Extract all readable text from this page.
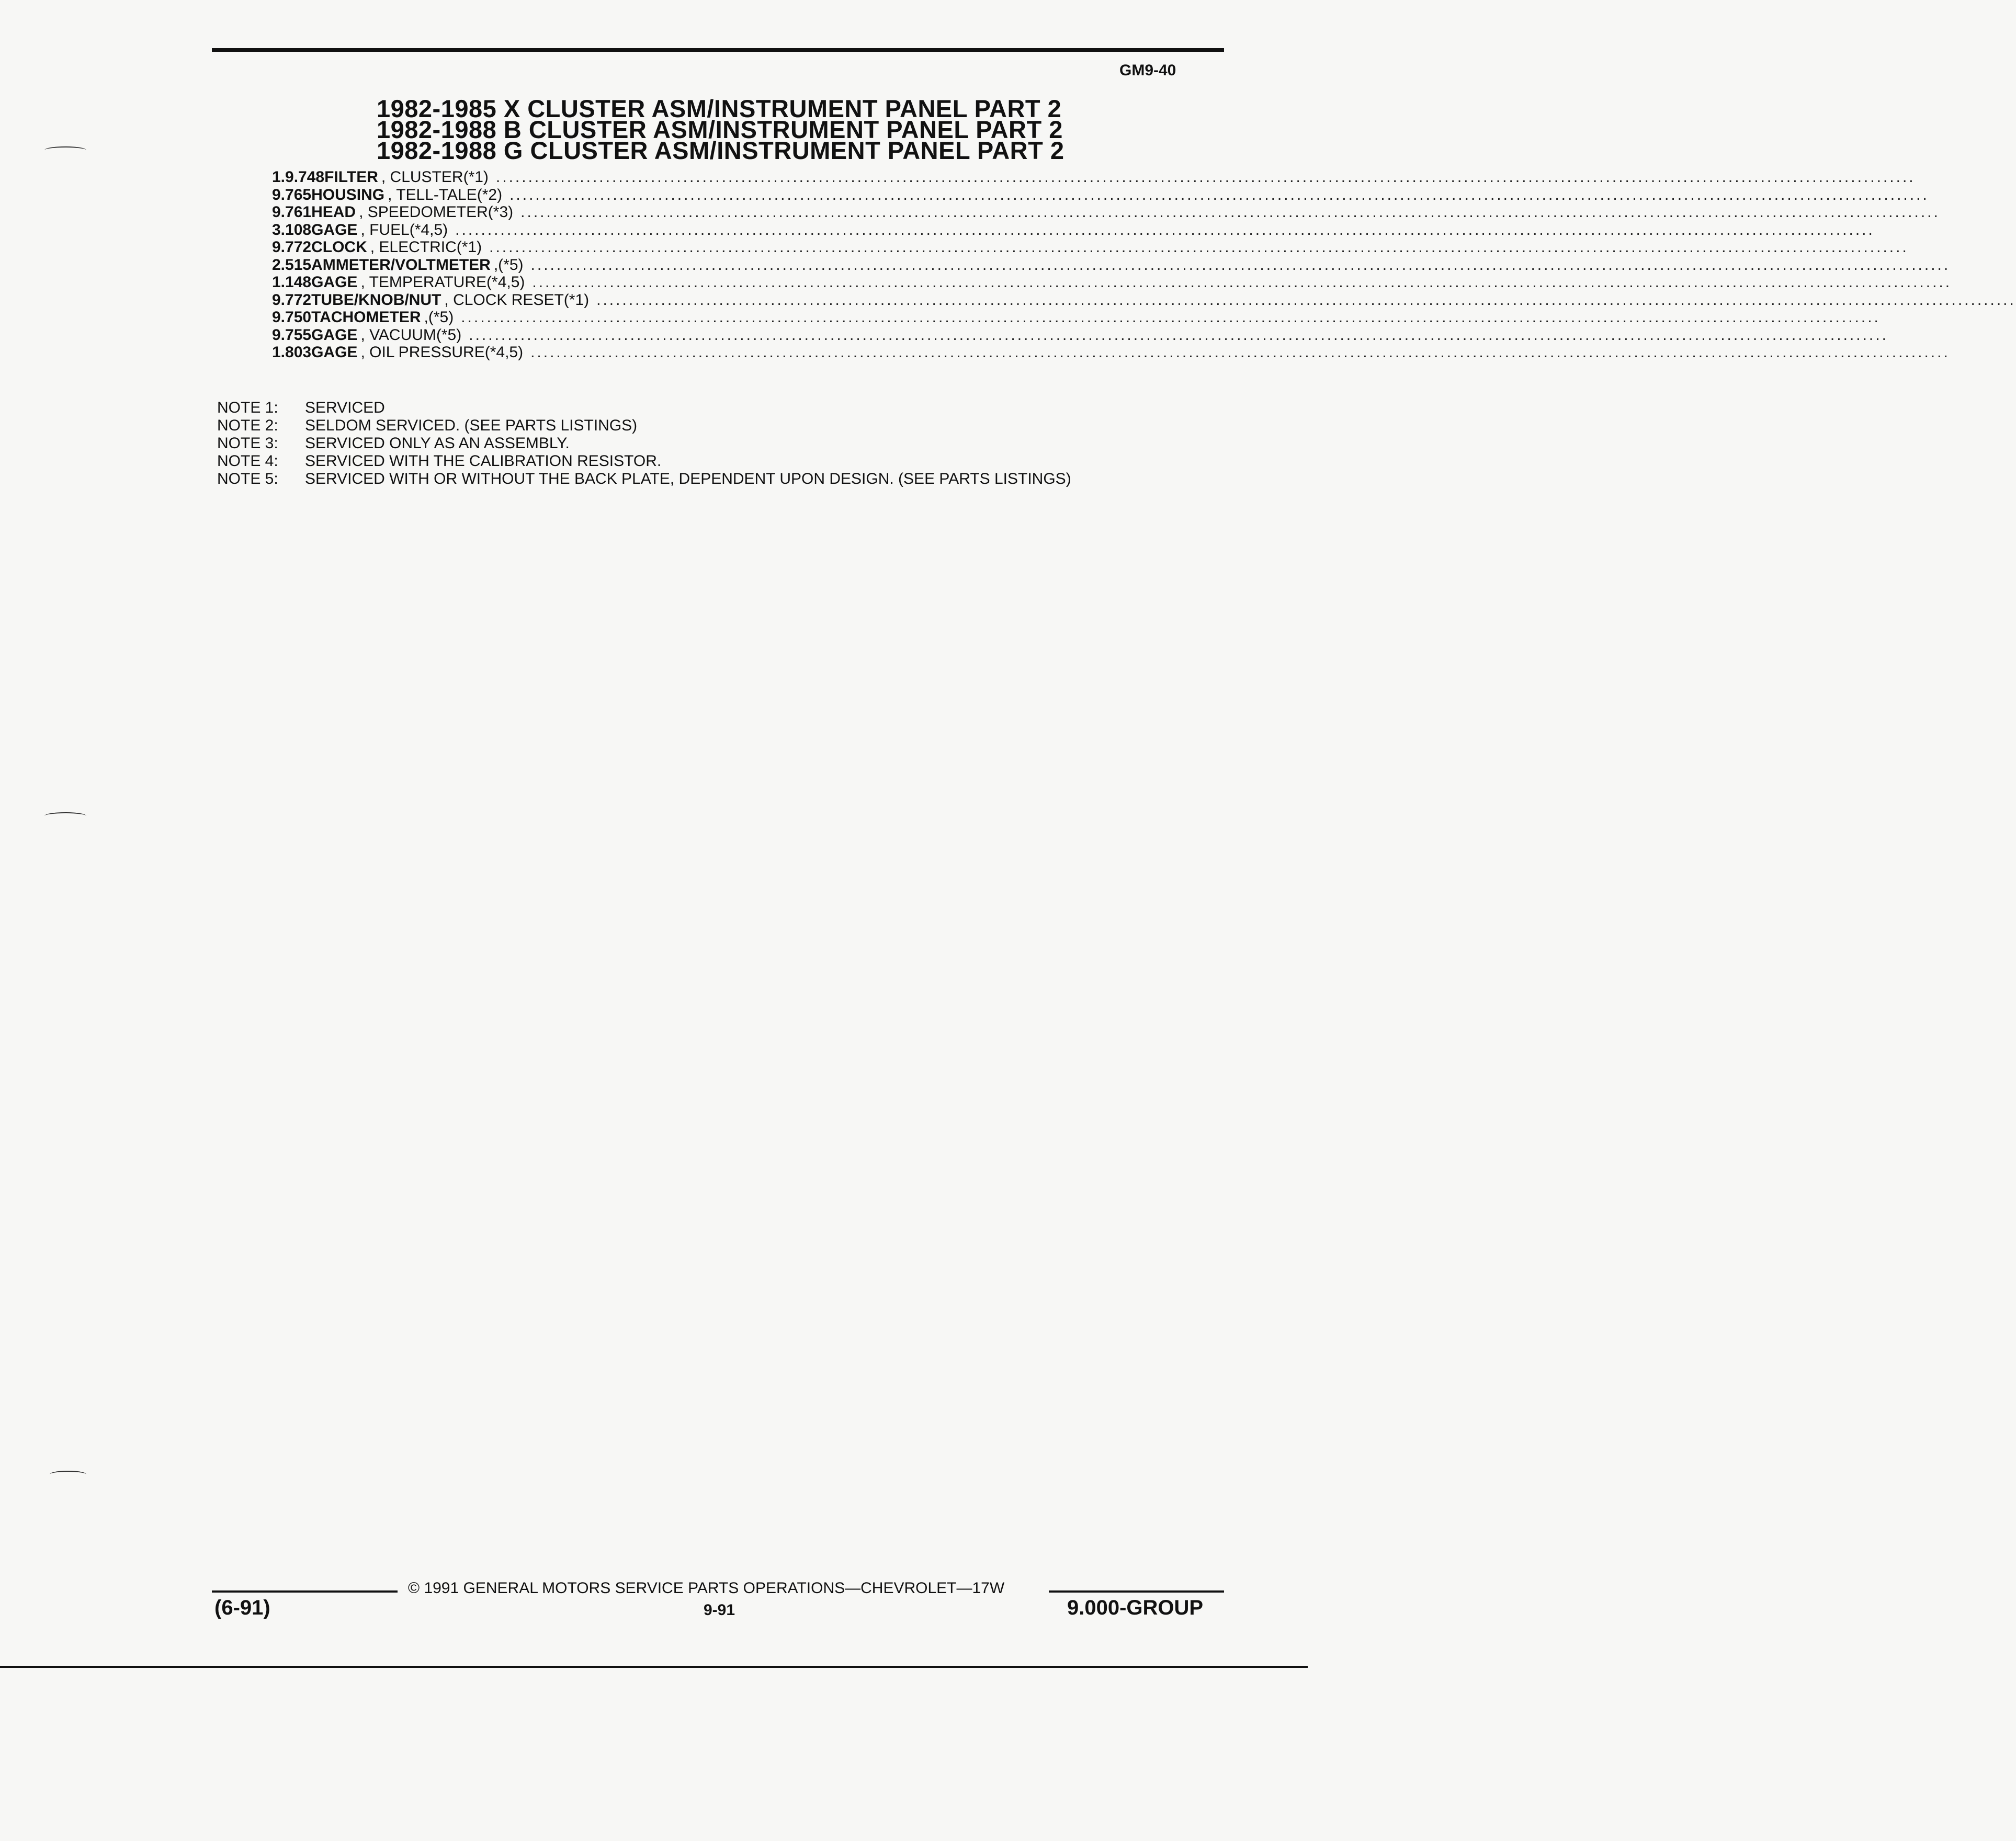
GM9-40
1982-1985 X CLUSTER ASM/INSTRUMENT PANEL PART 2
1982-1988 B CLUSTER ASM/INSTRUMENT PANEL PART 2
1982-1988 G CLUSTER ASM/INSTRUMENT PANEL PART 2
1. 9.748 FILTER , CLUSTER(*1) ............................................................................................................................................................................................................................
9.765 HOUSING , TELL-TALE(*2) ............................................................................................................................................................................................................................
9.761 HEAD , SPEEDOMETER(*3) ............................................................................................................................................................................................................................
3.108 GAGE , FUEL(*4,5) ............................................................................................................................................................................................................................
9.772 CLOCK , ELECTRIC(*1) ............................................................................................................................................................................................................................
2.515 AMMETER/VOLTMETER ,(*5) ............................................................................................................................................................................................................................
1.148 GAGE , TEMPERATURE(*4,5) ............................................................................................................................................................................................................................
9.772 TUBE/KNOB/NUT , CLOCK RESET(*1) ............................................................................................................................................................................................................................
9.750 TACHOMETER ,(*5) ............................................................................................................................................................................................................................
9.755 GAGE , VACUUM(*5) ............................................................................................................................................................................................................................
1.803 GAGE , OIL PRESSURE(*4,5) ............................................................................................................................................................................................................................
NOTE 1:	SERVICED
NOTE 2:	SELDOM SERVICED. (SEE PARTS LISTINGS)
NOTE 3:	SERVICED ONLY AS AN ASSEMBLY.
NOTE 4:	SERVICED WITH THE CALIBRATION RESISTOR.
NOTE 5:	SERVICED WITH OR WITHOUT THE BACK PLATE, DEPENDENT UPON DESIGN. (SEE PARTS LISTINGS)
© 1991 GENERAL MOTORS SERVICE PARTS OPERATIONS—CHEVROLET—17W
(6-91)	9-91	9.000-GROUP
